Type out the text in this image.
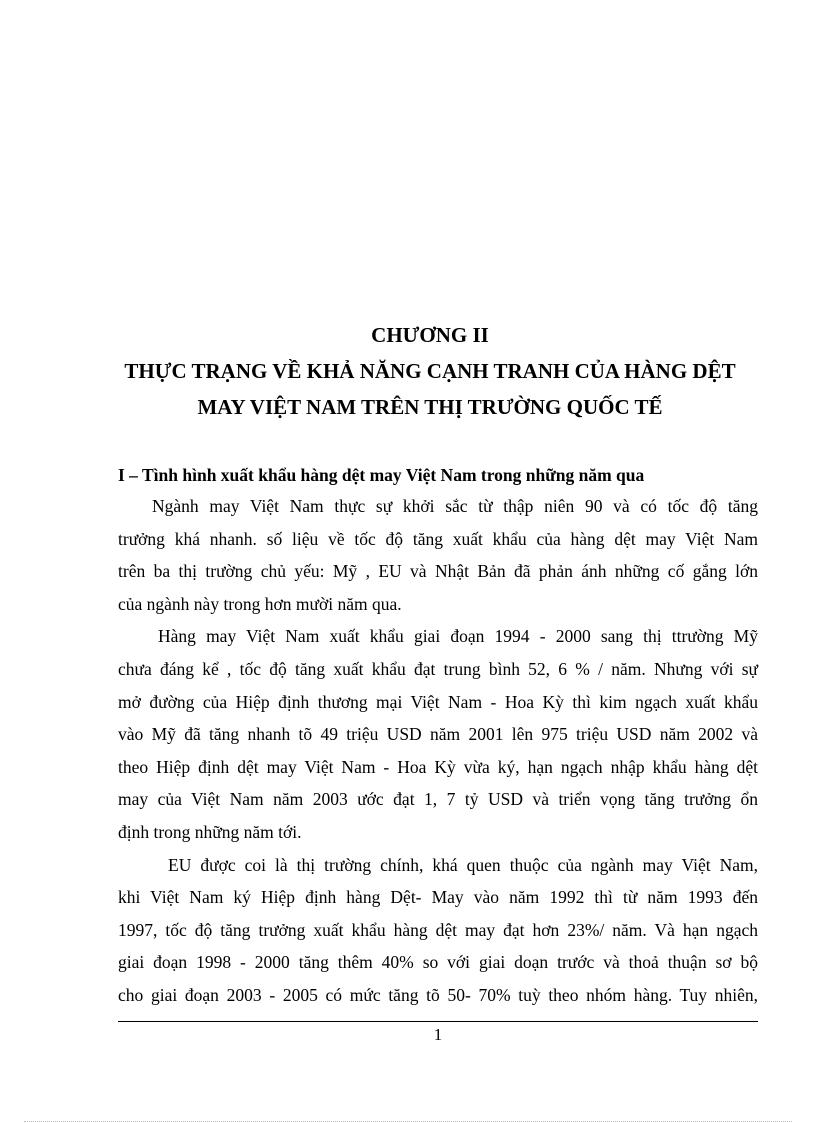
CHƯƠNG II
THỰC TRẠNG VỀ KHẢ NĂNG CẠNH TRANH CỦA HÀNG DỆT
MAY VIỆT NAM TRÊN THỊ TRƯỜNG QUỐC TẾ
I – Tình hình xuất khẩu hàng dệt may Việt Nam trong những năm qua

Ngành may Việt Nam thực sự khởi sắc từ thập niên 90 và có tốc độ tăng
trưởng khá nhanh. số liệu về tốc độ tăng xuất khẩu của hàng dệt may Việt Nam
trên ba thị trường chủ yếu: Mỹ , EU và Nhật Bản đã phản ánh những cố gắng lớn
của ngành này trong hơn mười năm qua.

Hàng may Việt Nam xuất khẩu giai đoạn 1994 - 2000 sang thị ttrường Mỹ
chưa đáng kể , tốc độ tăng xuất khẩu đạt trung bình 52, 6 % / năm. Nhưng với sự
mở đường của Hiệp định thương mại Việt Nam - Hoa Kỳ thì kim ngạch xuất khẩu
vào Mỹ đã tăng nhanh tõ 49 triệu USD năm 2001 lên 975 triệu USD năm 2002 và
theo Hiệp định dệt may Việt Nam - Hoa Kỳ vừa ký, hạn ngạch nhập khẩu hàng dệt
may của Việt Nam năm 2003 ước đạt 1, 7 tỷ USD và triển vọng tăng trưởng ổn
định trong những năm tới.

EU được coi là thị trường chính, khá quen thuộc của ngành may Việt Nam,
khi Việt Nam ký Hiệp định hàng Dệt- May vào năm 1992 thì từ năm 1993 đến
1997, tốc độ tăng trưởng xuất khẩu hàng dệt may đạt hơn 23%/ năm. Và hạn ngạch
giai đoạn 1998 - 2000 tăng thêm 40% so với giai doạn trước và thoả thuận sơ bộ
cho giai đoạn 2003 - 2005 có mức tăng tõ 50- 70% tuỳ theo nhóm hàng. Tuy nhiên,

1
